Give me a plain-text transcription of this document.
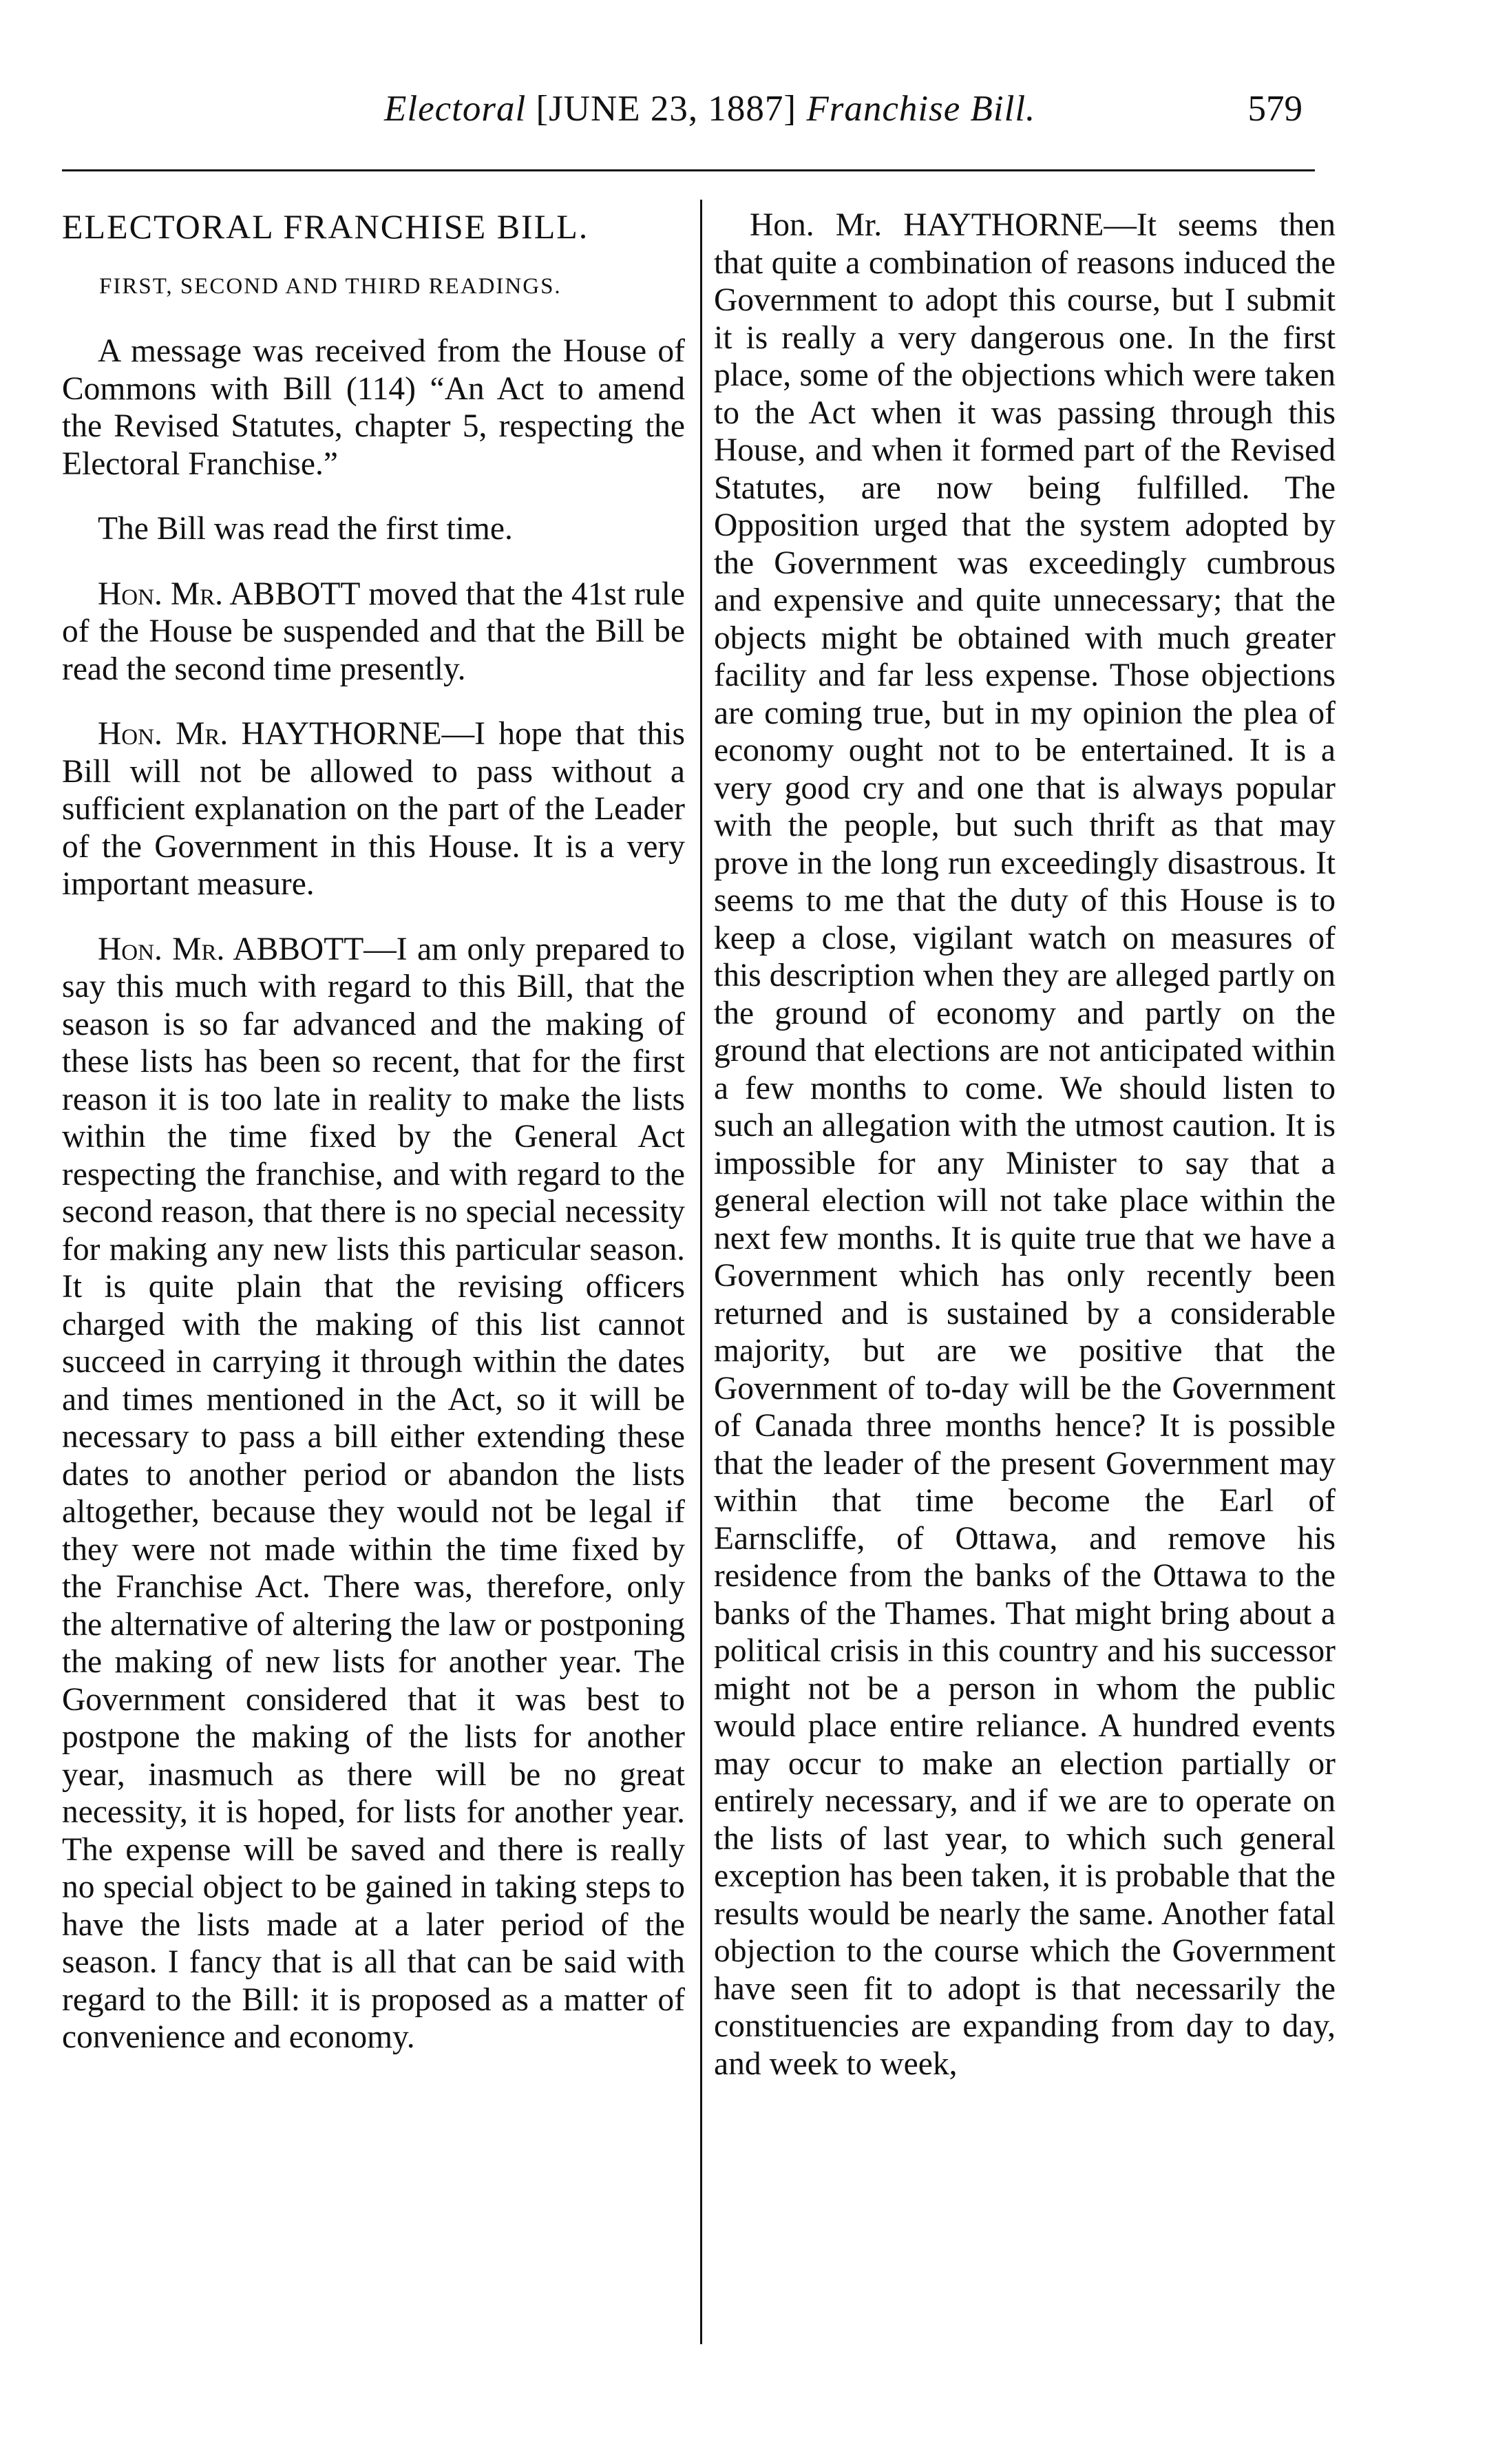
Electoral [JUNE 23, 1887] Franchise Bill.	579
ELECTORAL FRANCHISE BILL.
FIRST, SECOND AND THIRD READINGS.

A message was received from the House of Commons with Bill (114) “An Act to amend the Revised Statutes, chapter 5, respecting the Electoral Franchise.”

The Bill was read the first time.

Hon. Mr. ABBOTT moved that the 41st rule of the House be suspended and that the Bill be read the second time presently.

Hon. Mr. HAYTHORNE—I hope that this Bill will not be allowed to pass without a sufficient explanation on the part of the Leader of the Government in this House. It is a very important measure.

Hon. Mr. ABBOTT—I am only prepared to say this much with regard to this Bill, that the season is so far advanced and the making of these lists has been so recent, that for the first reason it is too late in reality to make the lists within the time fixed by the General Act respecting the franchise, and with regard to the second reason, that there is no special necessity for making any new lists this particular season. It is quite plain that the revising officers charged with the making of this list cannot succeed in carrying it through within the dates and times mentioned in the Act, so it will be necessary to pass a bill either extending these dates to another period or abandon the lists altogether, because they would not be legal if they were not made within the time fixed by the Franchise Act. There was, therefore, only the alternative of altering the law or postponing the making of new lists for another year. The Government considered that it was best to postpone the making of the lists for another year, inasmuch as there will be no great necessity, it is hoped, for lists for another year. The expense will be saved and there is really no special object to be gained in taking steps to have the lists made at a later period of the season. I fancy that is all that can be said with regard to the Bill: it is proposed as a matter of convenience and economy.

Hon. Mr. HAYTHORNE—It seems then that quite a combination of reasons induced the Government to adopt this course, but I submit it is really a very dangerous one. In the first place, some of the objections which were taken to the Act when it was passing through this House, and when it formed part of the Revised Statutes, are now being fulfilled. The Opposition urged that the system adopted by the Government was exceedingly cumbrous and expensive and quite unnecessary; that the objects might be obtained with much greater facility and far less expense. Those objections are coming true, but in my opinion the plea of economy ought not to be entertained. It is a very good cry and one that is always popular with the people, but such thrift as that may prove in the long run exceedingly disastrous. It seems to me that the duty of this House is to keep a close, vigilant watch on measures of this description when they are alleged partly on the ground of economy and partly on the ground that elections are not anticipated within a few months to come. We should listen to such an allegation with the utmost caution. It is impossible for any Minister to say that a general election will not take place within the next few months. It is quite true that we have a Government which has only recently been returned and is sustained by a considerable majority, but are we positive that the Government of to-day will be the Government of Canada three months hence? It is possible that the leader of the present Government may within that time become the Earl of Earnscliffe, of Ottawa, and remove his residence from the banks of the Ottawa to the banks of the Thames. That might bring about a political crisis in this country and his successor might not be a person in whom the public would place entire reliance. A hundred events may occur to make an election partially or entirely necessary, and if we are to operate on the lists of last year, to which such general exception has been taken, it is probable that the results would be nearly the same. Another fatal objection to the course which the Government have seen fit to adopt is that necessarily the constituencies are expanding from day to day, and week to week,
